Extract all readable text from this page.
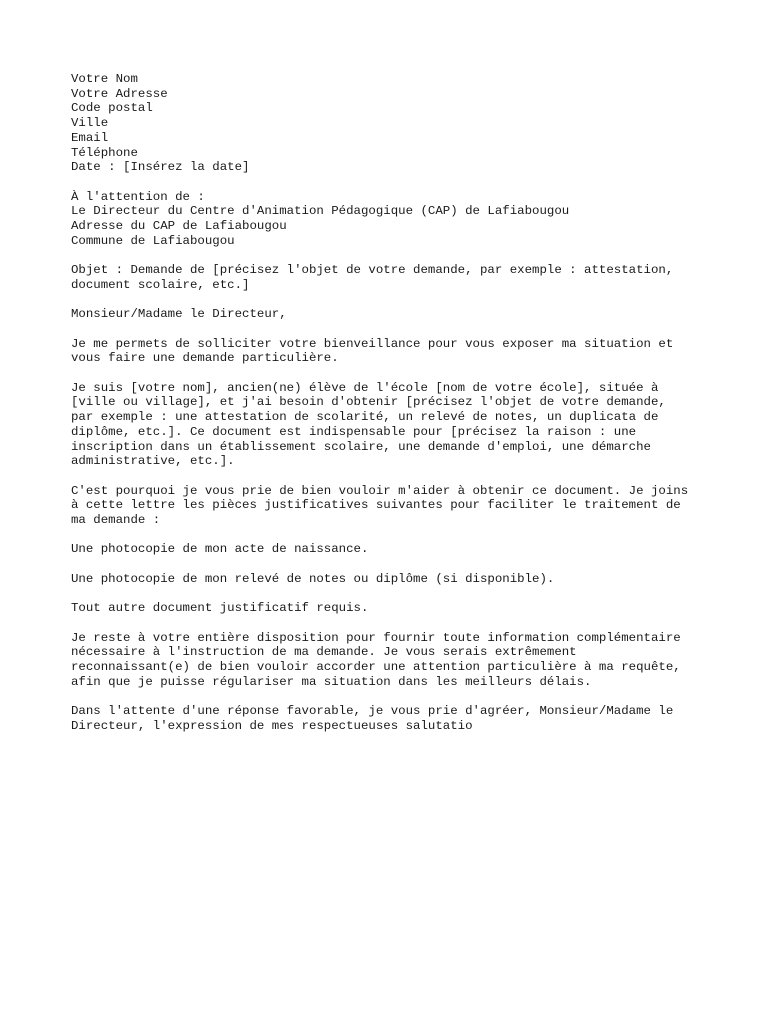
Votre Nom
Votre Adresse
Code postal
Ville
Email
Téléphone
Date : [Insérez la date]
À l'attention de :
Le Directeur du Centre d'Animation Pédagogique (CAP) de Lafiabougou
Adresse du CAP de Lafiabougou
Commune de Lafiabougou
Objet : Demande de [précisez l'objet de votre demande, par exemple : attestation,
document scolaire, etc.]
Monsieur/Madame le Directeur,
Je me permets de solliciter votre bienveillance pour vous exposer ma situation et
vous faire une demande particulière.
Je suis [votre nom], ancien(ne) élève de l'école [nom de votre école], située à
[ville ou village], et j'ai besoin d'obtenir [précisez l'objet de votre demande,
par exemple : une attestation de scolarité, un relevé de notes, un duplicata de
diplôme, etc.]. Ce document est indispensable pour [précisez la raison : une
inscription dans un établissement scolaire, une demande d'emploi, une démarche
administrative, etc.].
C'est pourquoi je vous prie de bien vouloir m'aider à obtenir ce document. Je joins
à cette lettre les pièces justificatives suivantes pour faciliter le traitement de
ma demande :
Une photocopie de mon acte de naissance.
Une photocopie de mon relevé de notes ou diplôme (si disponible).
Tout autre document justificatif requis.
Je reste à votre entière disposition pour fournir toute information complémentaire
nécessaire à l'instruction de ma demande. Je vous serais extrêmement
reconnaissant(e) de bien vouloir accorder une attention particulière à ma requête,
afin que je puisse régulariser ma situation dans les meilleurs délais.
Dans l'attente d'une réponse favorable, je vous prie d'agréer, Monsieur/Madame le
Directeur, l'expression de mes respectueuses salutatio
